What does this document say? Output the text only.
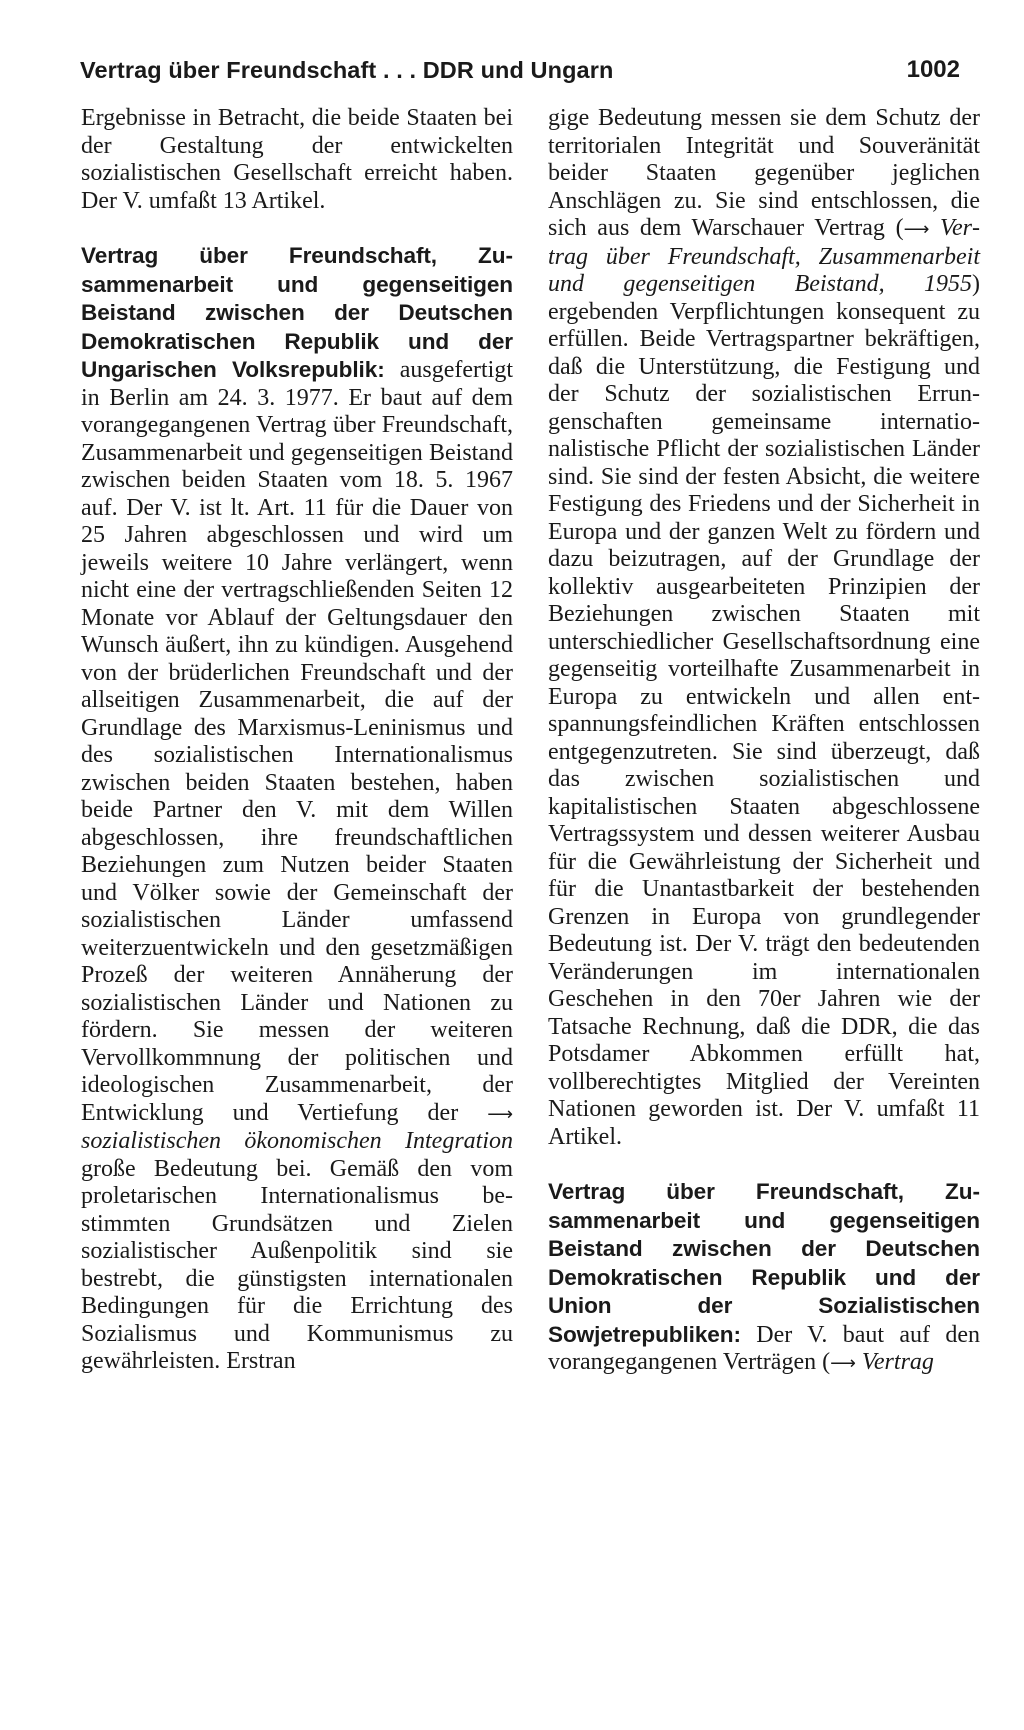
Vertrag über Freundschaft . . . DDR und Ungarn	1002

Ergebnisse in Betracht, die beide Staaten bei der Gestaltung der entwickelten sozialistischen Gesellschaft erreicht haben. Der V. umfaßt 13 Artikel.

Vertrag über Freundschaft, Zusammenarbeit und gegenseitigen Beistand zwischen der Deutschen Demokratischen Republik und der Ungarischen Volksrepublik: ausgefertigt in Berlin am 24. 3. 1977. Er baut auf dem vorangegangenen Vertrag über Freundschaft, Zusammenarbeit und gegenseitigen Beistand zwischen beiden Staaten vom 18. 5. 1967 auf. Der V. ist lt. Art. 11 für die Dauer von 25 Jahren abgeschlossen und wird um jeweils weitere 10 Jahre verlängert, wenn nicht eine der vertragschließenden Seiten 12 Monate vor Ablauf der Geltungsdauer den Wunsch äußert, ihn zu kündigen. Ausgehend von der brüderlichen Freundschaft und der allseitigen Zusammenarbeit, die auf der Grundlage des Marxismus-Leninismus und des sozialistischen Internationalismus zwischen beiden Staaten bestehen, haben beide Partner den V. mit dem Willen abgeschlossen, ihre freundschaftlichen Beziehungen zum Nutzen beider Staaten und Völker sowie der Gemeinschaft der sozialistischen Länder umfassend weiterzuentwickeln und den gesetzmäßigen Prozeß der weiteren Annäherung der sozialistischen Länder und Nationen zu fördern. Sie messen der weiteren Vervollkommnung der politischen und ideologischen Zusammenarbeit, der Entwicklung und Vertiefung der ⟶ sozialistischen ökonomischen Integration große Bedeutung bei. Gemäß den vom proletarischen Internationalismus bestimmten Grundsätzen und Zielen sozialistischer Außenpolitik sind sie bestrebt, die günstigsten internationalen Bedingungen für die Errichtung des Sozialismus und Kommunismus zu gewährleisten. Erstran

gige Bedeutung messen sie dem Schutz der territorialen Integrität und Souveränität beider Staaten gegenüber jeglichen Anschlägen zu. Sie sind entschlossen, die sich aus dem Warschauer Vertrag (⟶ Vertrag über Freundschaft, Zusammenarbeit und gegenseitigen Beistand, 1955) ergebenden Verpflichtungen konsequent zu erfüllen. Beide Vertragspartner bekräftigen, daß die Unterstützung, die Festigung und der Schutz der sozialistischen Errungenschaften gemeinsame internationalistische Pflicht der sozialistischen Länder sind. Sie sind der festen Absicht, die weitere Festigung des Friedens und der Sicherheit in Europa und der ganzen Welt zu fördern und dazu beizutragen, auf der Grundlage der kollektiv ausgearbeiteten Prinzipien der Beziehungen zwischen Staaten mit unterschiedlicher Gesellschaftsordnung eine gegenseitig vorteilhafte Zusammenarbeit in Europa zu entwickeln und allen entspannungsfeindlichen Kräften entschlossen entgegenzutreten. Sie sind überzeugt, daß das zwischen sozialistischen und kapitalistischen Staaten abgeschlossene Vertragssystem und dessen weiterer Ausbau für die Gewährleistung der Sicherheit und für die Unantastbarkeit der bestehenden Grenzen in Europa von grundlegender Bedeutung ist. Der V. trägt den bedeutenden Veränderungen im internationalen Geschehen in den 70er Jahren wie der Tatsache Rechnung, daß die DDR, die das Potsdamer Abkommen erfüllt hat, vollberechtigtes Mitglied der Vereinten Nationen geworden ist. Der V. umfaßt 11 Artikel.

Vertrag über Freundschaft, Zusammenarbeit und gegenseitigen Beistand zwischen der Deutschen Demokratischen Republik und der Union der Sozialistischen Sowjetrepubliken: Der V. baut auf den vorangegangenen Verträgen (⟶ Vertrag
